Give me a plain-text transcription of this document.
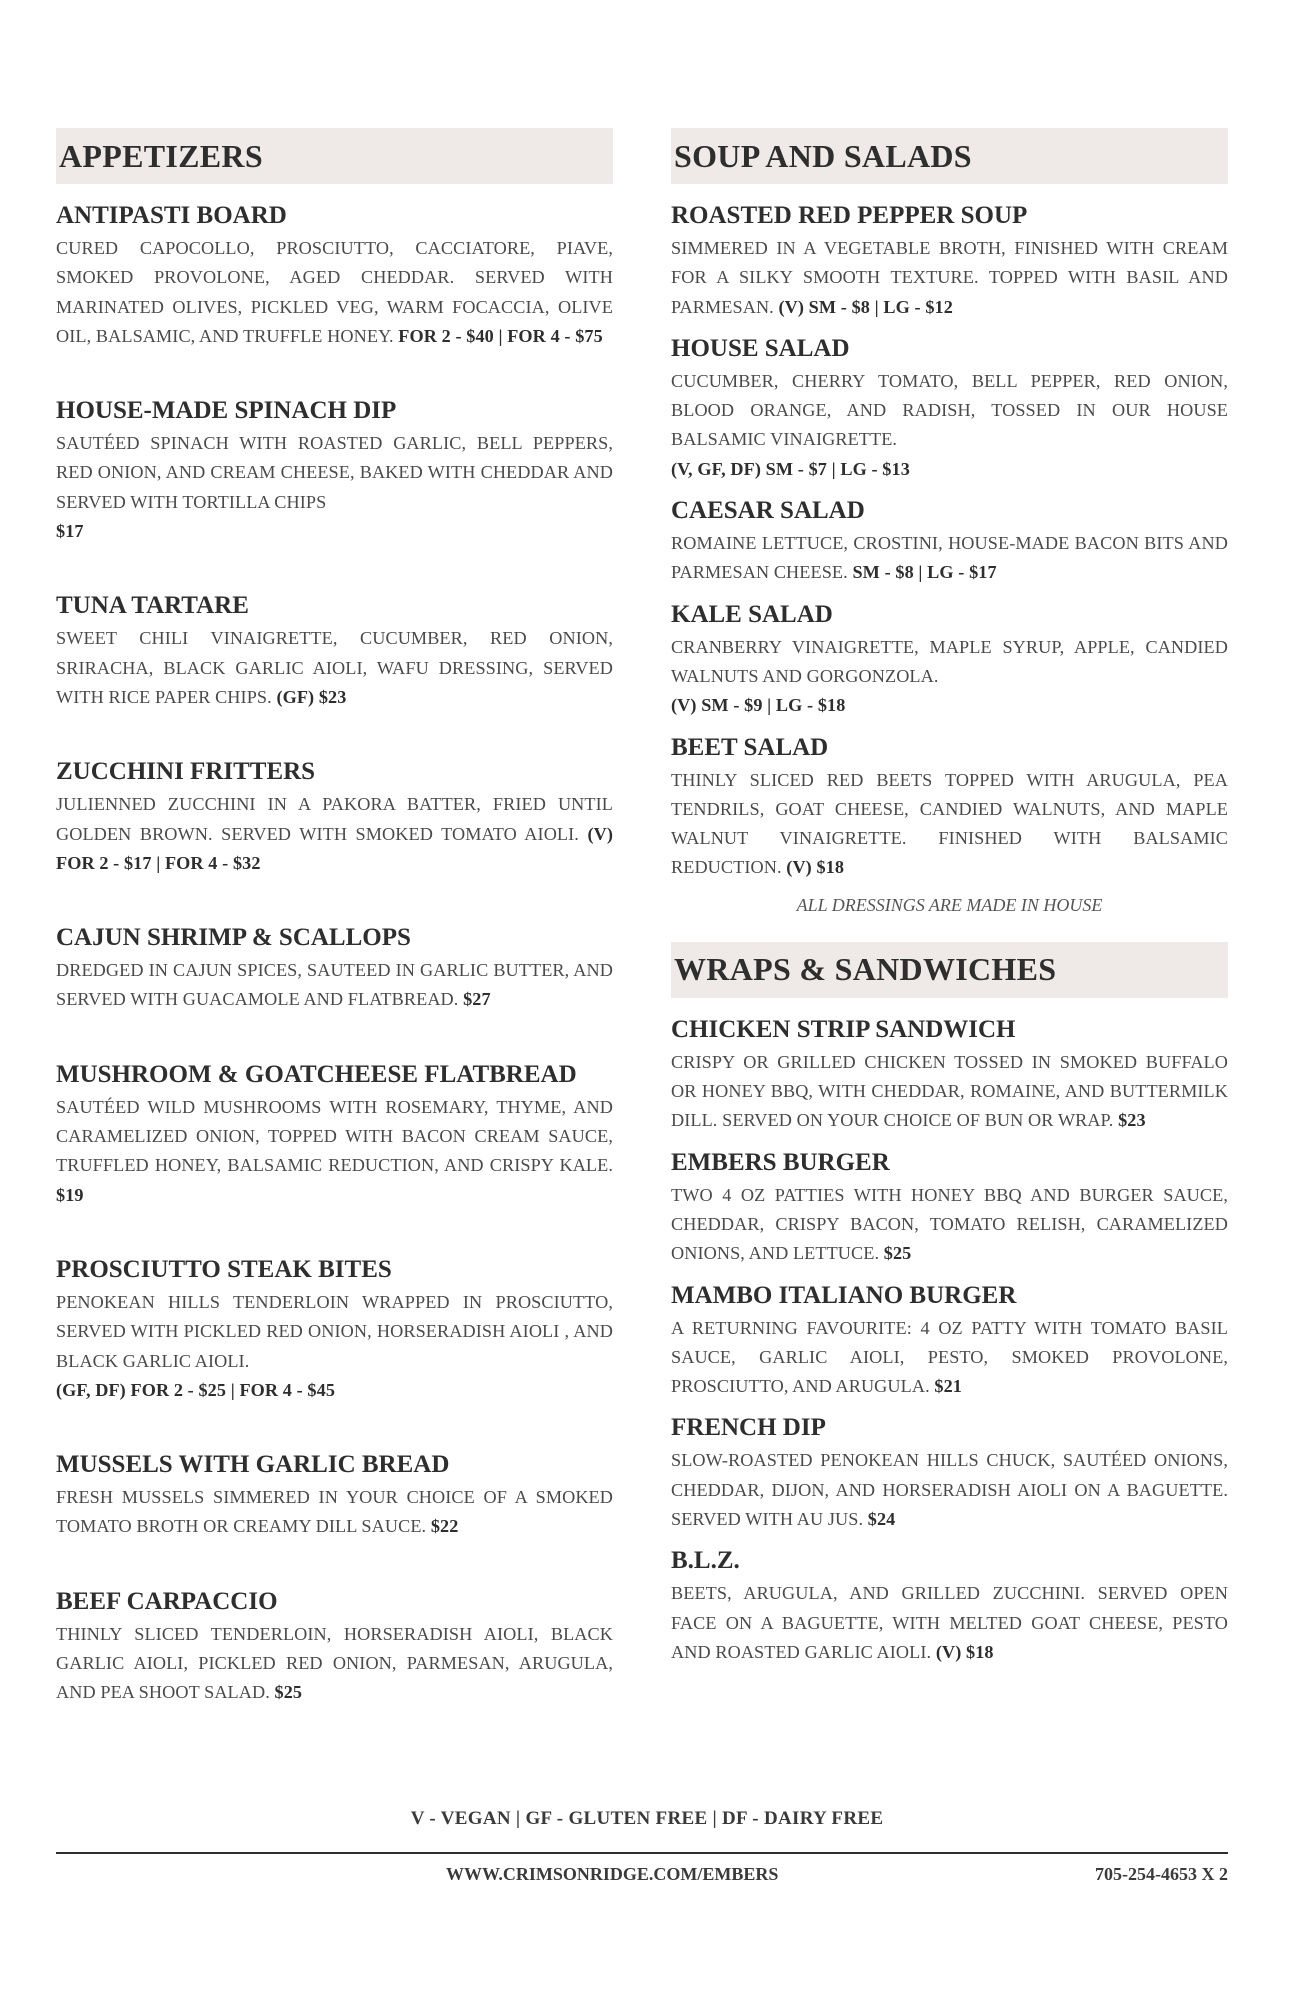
APPETIZERS
ANTIPASTI BOARD

CURED CAPOCOLLO, PROSCIUTTO, CACCIATORE, PIAVE, SMOKED PROVOLONE, AGED CHEDDAR. SERVED WITH MARINATED OLIVES, PICKLED VEG, WARM FOCACCIA, OLIVE OIL, BALSAMIC, AND TRUFFLE HONEY. FOR 2 - $40 | FOR 4 - $75

HOUSE-MADE SPINACH DIP

SAUTÉED SPINACH WITH ROASTED GARLIC, BELL PEPPERS, RED ONION, AND CREAM CHEESE, BAKED WITH CHEDDAR AND SERVED WITH TORTILLA CHIPS
$17

TUNA TARTARE

SWEET CHILI VINAIGRETTE, CUCUMBER, RED ONION, SRIRACHA, BLACK GARLIC AIOLI, WAFU DRESSING, SERVED WITH RICE PAPER CHIPS. (GF) $23

ZUCCHINI FRITTERS

JULIENNED ZUCCHINI IN A PAKORA BATTER, FRIED UNTIL GOLDEN BROWN. SERVED WITH SMOKED TOMATO AIOLI. (V) FOR 2 - $17 | FOR 4 - $32

CAJUN SHRIMP & SCALLOPS

DREDGED IN CAJUN SPICES, SAUTEED IN GARLIC BUTTER, AND SERVED WITH GUACAMOLE AND FLATBREAD. $27

MUSHROOM & GOATCHEESE FLATBREAD

SAUTÉED WILD MUSHROOMS WITH ROSEMARY, THYME, AND CARAMELIZED ONION, TOPPED WITH BACON CREAM SAUCE, TRUFFLED HONEY, BALSAMIC REDUCTION, AND CRISPY KALE. $19

PROSCIUTTO STEAK BITES

PENOKEAN HILLS TENDERLOIN WRAPPED IN PROSCIUTTO, SERVED WITH PICKLED RED ONION, HORSERADISH AIOLI , AND BLACK GARLIC AIOLI.
(GF, DF) FOR 2 - $25 | FOR 4 - $45

MUSSELS WITH GARLIC BREAD

FRESH MUSSELS SIMMERED IN YOUR CHOICE OF A SMOKED TOMATO BROTH OR CREAMY DILL SAUCE. $22

BEEF CARPACCIO

THINLY SLICED TENDERLOIN, HORSERADISH AIOLI, BLACK GARLIC AIOLI, PICKLED RED ONION, PARMESAN, ARUGULA, AND PEA SHOOT SALAD. $25

SOUP AND SALADS
ROASTED RED PEPPER SOUP

SIMMERED IN A VEGETABLE BROTH, FINISHED WITH CREAM FOR A SILKY SMOOTH TEXTURE. TOPPED WITH BASIL AND PARMESAN. (V) SM - $8 | LG - $12

HOUSE SALAD

CUCUMBER, CHERRY TOMATO, BELL PEPPER, RED ONION, BLOOD ORANGE, AND RADISH, TOSSED IN OUR HOUSE BALSAMIC VINAIGRETTE.
(V, GF, DF) SM - $7 | LG - $13

CAESAR SALAD

ROMAINE LETTUCE, CROSTINI, HOUSE-MADE BACON BITS AND PARMESAN CHEESE. SM - $8 | LG - $17

KALE SALAD

CRANBERRY VINAIGRETTE, MAPLE SYRUP, APPLE, CANDIED WALNUTS AND GORGONZOLA.
(V) SM - $9 | LG - $18

BEET SALAD

THINLY SLICED RED BEETS TOPPED WITH ARUGULA, PEA TENDRILS, GOAT CHEESE, CANDIED WALNUTS, AND MAPLE WALNUT VINAIGRETTE. FINISHED WITH BALSAMIC REDUCTION. (V) $18

ALL DRESSINGS ARE MADE IN HOUSE
WRAPS & SANDWICHES
CHICKEN STRIP SANDWICH

CRISPY OR GRILLED CHICKEN TOSSED IN SMOKED BUFFALO OR HONEY BBQ, WITH CHEDDAR, ROMAINE, AND BUTTERMILK DILL. SERVED ON YOUR CHOICE OF BUN OR WRAP. $23

EMBERS BURGER

TWO 4 OZ PATTIES WITH HONEY BBQ AND BURGER SAUCE, CHEDDAR, CRISPY BACON, TOMATO RELISH, CARAMELIZED ONIONS, AND LETTUCE. $25

MAMBO ITALIANO BURGER

A RETURNING FAVOURITE: 4 OZ PATTY WITH TOMATO BASIL SAUCE, GARLIC AIOLI, PESTO, SMOKED PROVOLONE, PROSCIUTTO, AND ARUGULA. $21

FRENCH DIP

SLOW-ROASTED PENOKEAN HILLS CHUCK, SAUTÉED ONIONS, CHEDDAR, DIJON, AND HORSERADISH AIOLI ON A BAGUETTE. SERVED WITH AU JUS. $24

B.L.Z.

BEETS, ARUGULA, AND GRILLED ZUCCHINI. SERVED OPEN FACE ON A BAGUETTE, WITH MELTED GOAT CHEESE, PESTO AND ROASTED GARLIC AIOLI. (V) $18

V - VEGAN | GF - GLUTEN FREE | DF - DAIRY FREE
WWW.CRIMSONRIDGE.COM/EMBERS	705-254-4653 X 2
